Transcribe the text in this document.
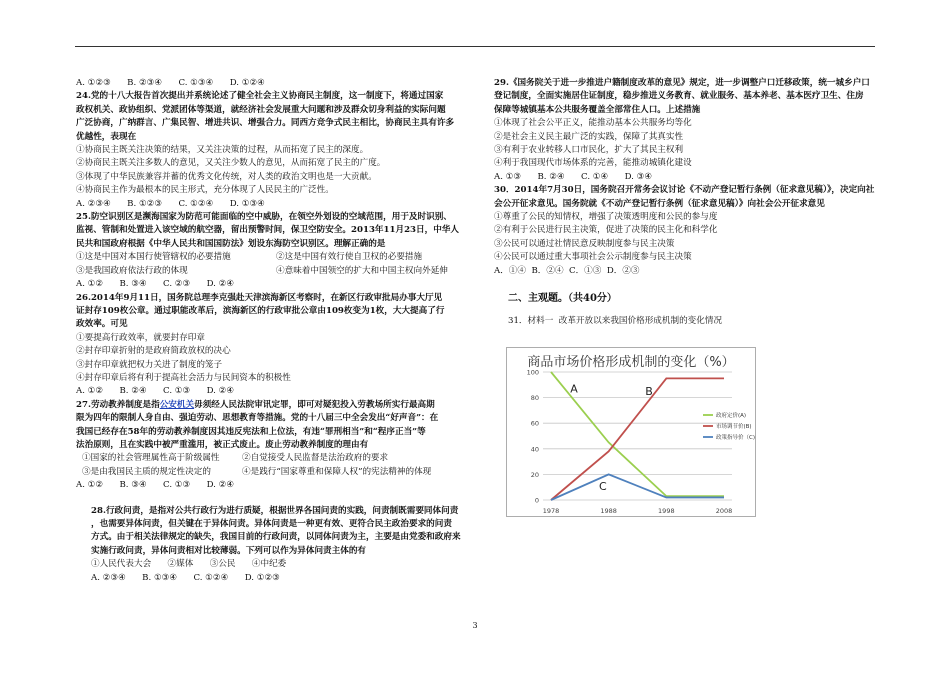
A. ①②③      B. ②③④      C. ①③④      D. ①②④

24.党的十八大报告首次提出并系统论述了健全社会主义协商民主制度，这一制度下，将通过国家

政权机关、政协组织、党派团体等渠道，就经济社会发展重大问题和涉及群众切身利益的实际问题

广泛协商，广纳群言、广集民智、增进共识、增强合力。同西方竞争式民主相比，协商民主具有许多

优越性，表现在

①协商民主既关注决策的结果，又关注决策的过程，从而拓宽了民主的深度。

②协商民主既关注多数人的意见，又关注少数人的意见，从而拓宽了民主的广度。

③体现了中华民族兼容并蓄的优秀文化传统，对人类的政治文明也是一大贡献。

④协商民主作为最根本的民主形式，充分体现了人民民主的广泛性。

A. ②③④      B. ①②③      C. ①②④      D. ①③④

25.防空识别区是濒海国家为防范可能面临的空中威胁，在领空外划设的空域范围，用于及时识别、

监视、管制和处置进入该空域的航空器，留出预警时间，保卫空防安全。2013年11月23日，中华人

民共和国政府根据《中华人民共和国国防法》划设东海防空识别区。理解正确的是

①这是中国对本国行使管辖权的必要措施	②这是中国有效行使自卫权的必要措施

③是我国政府依法行政的体现	④意味着中国领空的扩大和中国主权向外延伸

A. ①②      B. ③④      C. ②③      D. ②④

26.2014年9月11日，国务院总理李克强赴天津滨海新区考察时，在新区行政审批局办事大厅见

证封存109枚公章。通过职能改革后，滨海新区的行政审批公章由109枚变为1枚，大大提高了行

政效率。可见

①要提高行政效率，就要封存印章

②封存印章折射的是政府简政放权的决心

③封存印章就把权力关进了制度的笼子

④封存印章后将有利于提高社会活力与民间资本的积极性

A. ①②      B. ②④      C. ①③      D. ②④

27.劳动教养制度是指公安机关毋须经人民法院审讯定罪，即可对疑犯投入劳教场所实行最高期

限为四年的限制人身自由、强迫劳动、思想教育等措施。党的十八届三中全会发出“好声音”：在

我国已经存在58年的劳动教养制度因其违反宪法和上位法，有违“罪刑相当”和“程序正当”等

法治原则，且在实践中被严重滥用，被正式废止。废止劳动教养制度的理由有

①国家的社会管理属性高于阶级属性	②自觉接受人民监督是法治政府的要求

③是由我国民主质的规定性决定的	④是践行“国家尊重和保障人权”的宪法精神的体现

A. ①②      B. ③④      C. ①③      D. ②④

28.行政问责，是指对公共行政行为进行质疑，根据世界各国问责的实践，问责制既需要同体问责

，也需要异体问责，但关键在于异体问责。异体问责是一种更有效、更符合民主政治要求的问责

方式。由于相关法律规定的缺失，我国目前的行政问责，以同体问责为主，主要是由党委和政府来

实施行政问责，异体问责相对比较薄弱。下列可以作为异体问责主体的有

①人民代表大会      ②媒体      ③公民      ④中纪委

A. ②③④      B. ①③④      C. ①②④      D. ①②③

29.《国务院关于进一步推进户籍制度改革的意见》规定，进一步调整户口迁移政策，统一城乡户口

登记制度，全面实施居住证制度，稳步推进义务教育、就业服务、基本养老、基本医疗卫生、住房

保障等城镇基本公共服务覆盖全部常住人口。上述措施

①体现了社会公平正义，能推动基本公共服务均等化

②是社会主义民主最广泛的实践，保障了其真实性

③有利于农业转移人口市民化，扩大了其民主权利

④利于我国现代市场体系的完善，能推动城镇化建设

A. ①③      B. ②④      C. ①④      D. ③④

30．2014年7月30日，国务院召开常务会议讨论《不动产登记暂行条例（征求意见稿）》，决定向社

会公开征求意见。国务院就《不动产登记暂行条例（征求意见稿）》向社会公开征求意见

①尊重了公民的知情权，增强了决策透明度和公民的参与度

②有利于公民进行民主决策，促进了决策的民主化和科学化

③公民可以通过社情民意反映制度参与民主决策

④公民可以通过重大事项社会公示制度参与民主决策

A．①④  B．②④  C．①③  D．②③

二、主观题。（共40分）

31．材料一  改革开放以来我国价格形成机制的变化情况

商品市场价格形成机制的变化（%）
0
20
40
60
80
100
1978	1988	1998	2008
A	B
C
政府定价(A)
市场调节价(B)
政策指导价（C)
3
